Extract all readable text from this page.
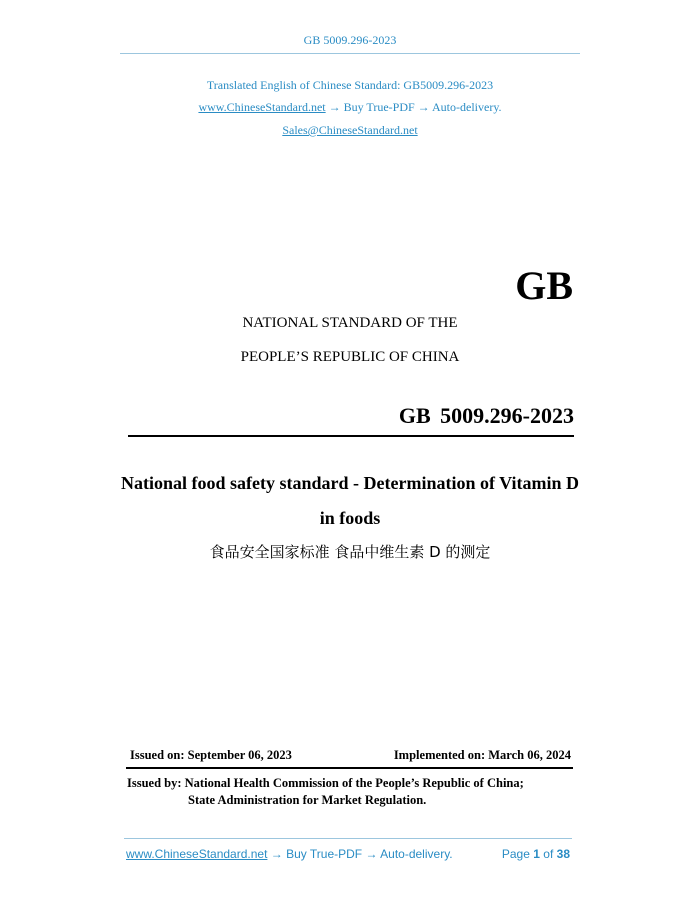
GB 5009.296-2023
Translated English of Chinese Standard: GB5009.296-2023
www.ChineseStandard.net → Buy True-PDF → Auto-delivery.
Sales@ChineseStandard.net
GB
NATIONAL STANDARD OF THE
PEOPLE’S REPUBLIC OF CHINA
GB 5009.296-2023
National food safety standard - Determination of Vitamin D
in foods
食品安全国家标准 食品中维生素 D 的测定
Issued on: September 06, 2023	Implemented on: March 06, 2024
Issued by: National Health Commission of the People’s Republic of China;
State Administration for Market Regulation.
www.ChineseStandard.net → Buy True-PDF → Auto-delivery.	Page 1 of 38
